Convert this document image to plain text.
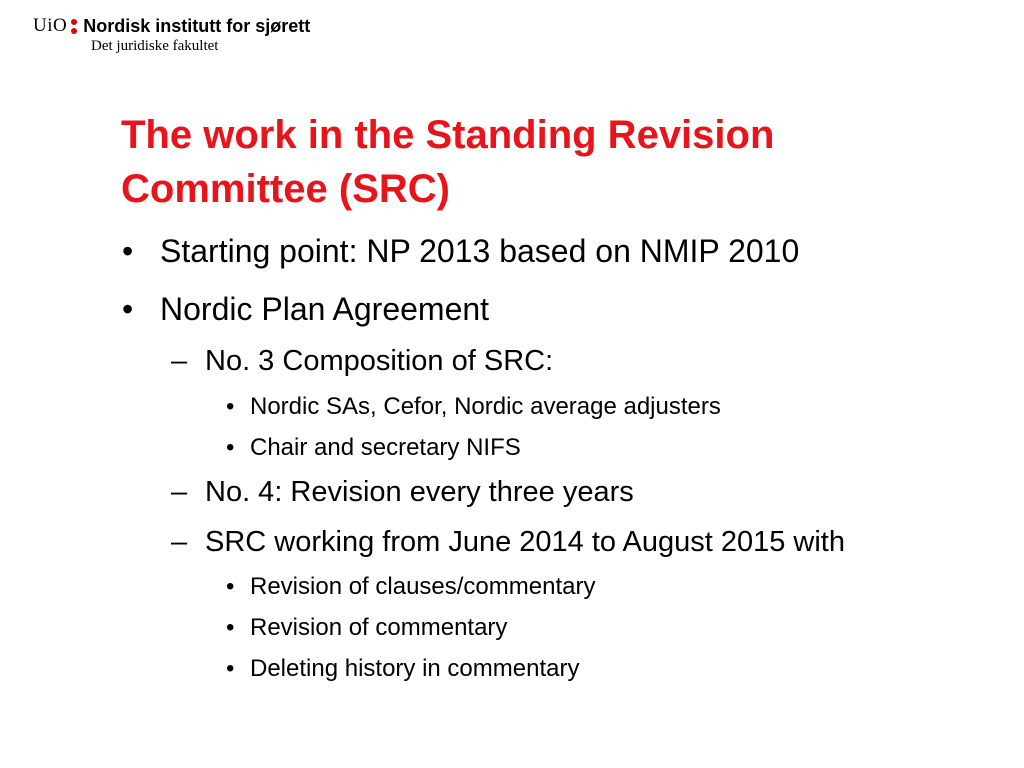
UiO Nordisk institutt for sjørett
Det juridiske fakultet
The work in the Standing Revision Committee (SRC)
• Starting point: NP 2013 based on NMIP 2010
• Nordic Plan Agreement
– No. 3 Composition of SRC:
• Nordic SAs, Cefor, Nordic average adjusters
• Chair and secretary NIFS
– No. 4: Revision every three years
– SRC working from June 2014 to August 2015 with
• Revision of clauses/commentary
• Revision of commentary
• Deleting history in commentary
